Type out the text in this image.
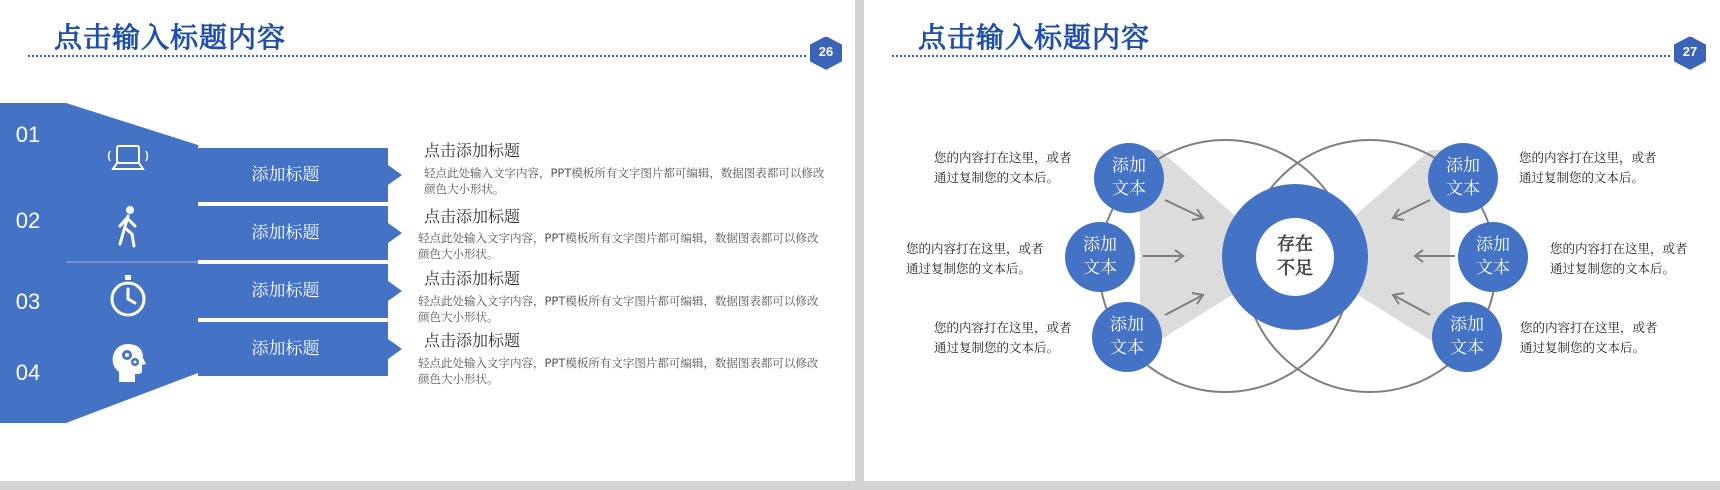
点击输入标题内容	0
26
01
02
03
04
添加标题
添加标题
添加标题
添加标题
点击添加标题
轻点此处输入文字内容，PPT模板所有文字图片都可编辑，数据图表都可以修改颜色大小形状。
点击添加标题
轻点此处输入文字内容，PPT模板所有文字图片都可编辑，数据图表都可以修改颜色大小形状。
点击添加标题
轻点此处输入文字内容，PPT模板所有文字图片都可编辑，数据图表都可以修改颜色大小形状。
点击添加标题
轻点此处输入文字内容，PPT模板所有文字图片都可编辑，数据图表都可以修改颜色大小形状。
点击输入标题内容	7
27
存在不足
添加文本
添加文本
添加文本
添加文本
添加文本
添加文本
您的内容打在这里，或者通过复制您的文本后。
您的内容打在这里，或者通过复制您的文本后。
您的内容打在这里，或者通过复制您的文本后。
您的内容打在这里，或者通过复制您的文本后。
您的内容打在这里，或者通过复制您的文本后。
您的内容打在这里，或者通过复制您的文本后。
